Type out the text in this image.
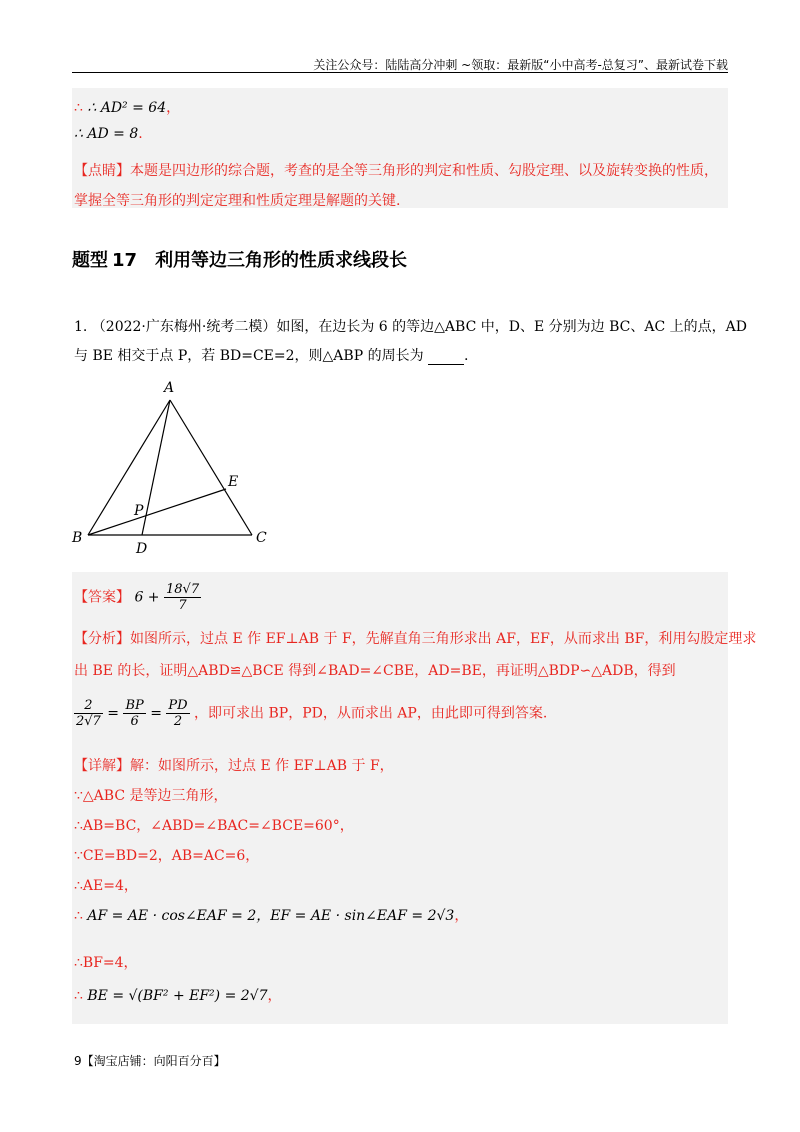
关注公众号：陆陆高分冲刺 ~领取：最新版“小中高考-总复习”、最新试卷下载
∴ ∴ AD² = 64，
∴ AD = 8.
【点睛】本题是四边形的综合题，考查的是全等三角形的判定和性质、勾股定理、以及旋转变换的性质，
掌握全等三角形的判定定理和性质定理是解题的关键.
题型 17 利用等边三角形的性质求线段长
1. （2022·广东梅州·统考二模）如图，在边长为 6 的等边△ABC 中，D、E 分别为边 BC、AC 上的点，AD
与 BE 相交于点 P，若 BD=CE=2，则△ABP 的周长为	.
A
B	C
D
E
P
【答案】 $6 + \frac{18√7}{7}$
【分析】如图所示，过点 E 作 EF⊥AB 于 F，先解直角三角形求出 AF，EF，从而求出 BF，利用勾股定理求
出 BE 的长，证明△ABD≌△BCE 得到∠BAD=∠CBE，AD=BE，再证明△BDP∽△ADB，得到
$\frac{2}{2√7} = \frac{BP}{6} = \frac{PD}{2}$ ，即可求出 BP，PD，从而求出 AP，由此即可得到答案.
【详解】解：如图所示，过点 E 作 EF⊥AB 于 F，
∵△ABC 是等边三角形，
∴AB=BC，∠ABD=∠BAC=∠BCE=60°，
∵CE=BD=2，AB=AC=6，
∴AE=4，
∴ AF = AE · cos∠EAF = 2，EF = AE · sin∠EAF = 2√3，
∴BF=4，
∴ BE = √(BF² + EF²) = 2√7，
9【淘宝店铺：向阳百分百】
